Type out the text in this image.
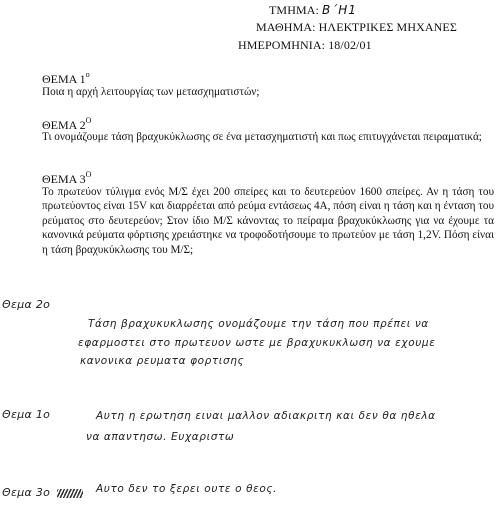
ΤΜΗΜΑ: Β΄Η1
ΜΑΘΗΜΑ: ΗΛΕΚΤΡΙΚΕΣ ΜΗΧΑΝΕΣ
ΗΜΕΡΟΜΗΝΙΑ: 18/02/01
ΘΕΜΑ $1^o$
Ποια η αρχή λειτουργίας των μετασχηματιστών;
ΘΕΜΑ $2^O$
Τι ονομάζουμε τάση βραχυκύκλωσης σε ένα μετασχηματιστή και πως επιτυγχάνεται πειραματικά;
ΘΕΜΑ $3^O$
Το πρωτεύον τύλιγμα ενός Μ/Σ έχει 200 σπείρες και το δευτερεύον 1600 σπείρες. Αν η τάση του πρωτεύοντος είναι 15V και διαρρέεται από ρεύμα εντάσεως 4Α, πόση είναι η τάση και η ένταση του ρεύματος στο δευτερεύον; Στον ίδιο Μ/Σ κάνοντας το πείραμα βραχυκύκλωσης για να έχουμε τα κανονικά ρεύματα φόρτισης χρειάστηκε να τροφοδοτήσουμε το πρωτεύον με τάση 1,2V. Πόση είναι η τάση βραχυκύκλωσης του Μ/Σ;
Θεμα 2ο
Τάση βραχυκυκλωσης ονομάζουμε την τάση που πρέπει να
εφαρμοστει στο πρωτευον ωστε με βραχυκυκλωση να εχουμε
κανονικα ρευματα φορτισης
Θεμα 1ο	Αυτη η ερωτηση ειναι μαλλον αδιακριτη και δεν θα ηθελα
να απαντησω. Ευχαριστω
Θεμα 3ο	Αυτο δεν το ξερει ουτε ο θεος.
